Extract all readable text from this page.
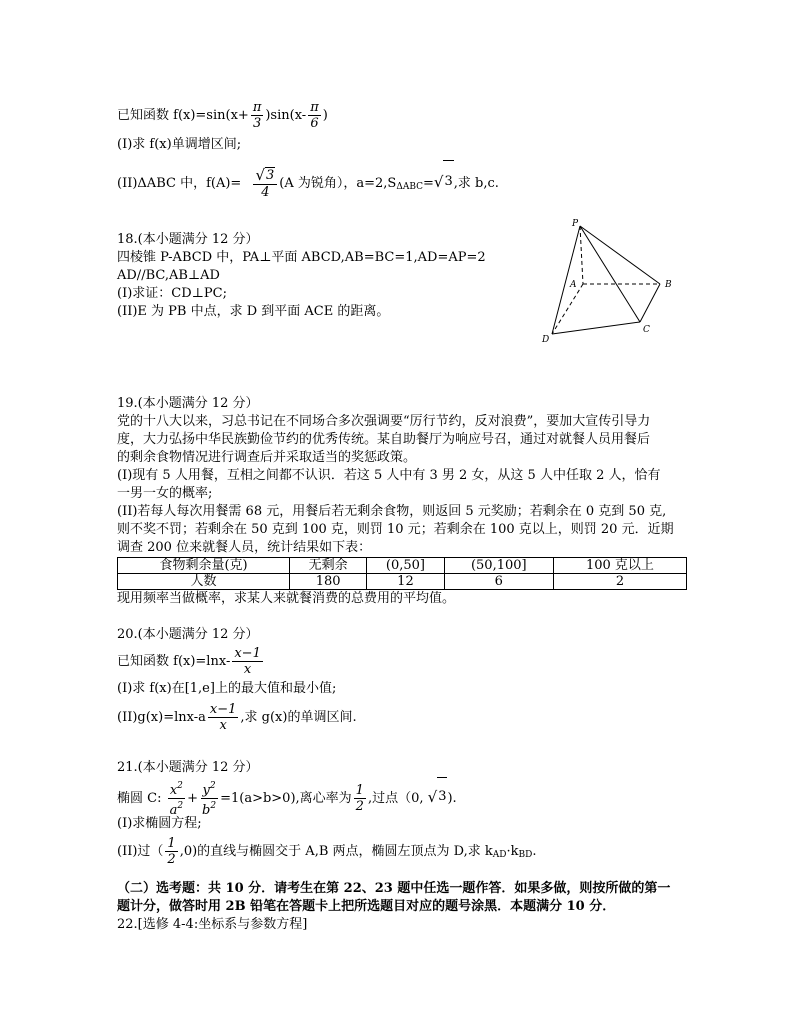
已知函数 $f(x)=\sin(x+ \frac{\pi}{3} )\sin(x- \frac{\pi}{6}$ )
(I)求 f(x)单调增区间;
(II)ΔABC 中，$f(A)= \frac{√ 3}{4} (A$ 为锐角），$a=2,S_{\Delta ABC}=$ √ 3 ,求 b,c.
18.(本小题满分 12 分）
四棱锥 P-ABCD 中，PA⊥平面 ABCD,AB=BC=1,AD=AP=2
AD//BC,AB⊥AD
(I)求证：CD⊥PC;
(II)E 为 PB 中点，求 D 到平面 ACE 的距离。
P
A	B
C
D
19.(本小题满分 12 分）
党的十八大以来，习总书记在不同场合多次强调要“厉行节约，反对浪费”，要加大宣传引导力
度，大力弘扬中华民族勤俭节约的优秀传统。某自助餐厅为响应号召，通过对就餐人员用餐后
的剩余食物情况进行调查后并采取适当的奖惩政策。
(I)现有 5 人用餐，互相之间都不认识．若这 5 人中有 3 男 2 女，从这 5 人中任取 2 人，恰有
一男一女的概率;
(II)若每人每次用餐需 68 元，用餐后若无剩余食物，则返回 5 元奖励；若剩余在 0 克到 50 克,
则不奖不罚；若剩余在 50 克到 100 克，则罚 10 元；若剩余在 100 克以上，则罚 20 元．近期
调查 200 位来就餐人员，统计结果如下表：
食物剩余量(克)	无剩余	(0,50]	(50,100]	100 克以上
人数	180	12	6	2
现用频率当做概率，求某人来就餐消费的总费用的平均值。
20.(本小题满分 12 分）
已知函数 $f(x)=\ln x- \frac{x-1}{x}$
(I)求 f(x)在[1,e]上的最大值和最小值;
$(II)g(x)=\ln x-a \frac{x-1}{x}$ ,求 g(x)的单调区间.
21.(本小题满分 12 分）
椭圆 C: $\frac{x^2}{a^2} + \frac{y^2}{b^2} =1(a>b>0)$,离心率为 $\frac{1}{2}$ ,过点（0, √ 3 ).
(I)求椭圆方程;
(II)过（ $\frac{1}{2} ,0$)的直线与椭圆交于 A,B 两点，椭圆左顶点为 D,求 $k_{AD}\cdot k_{BD}$.
（二）选考题：共 10 分．请考生在第 22、23 题中任选一题作答．如果多做，则按所做的第一
题计分，做答时用 2B 铅笔在答题卡上把所选题目对应的题号涂黑．本题满分 10 分．
22.[选修 4-4:坐标系与参数方程]
